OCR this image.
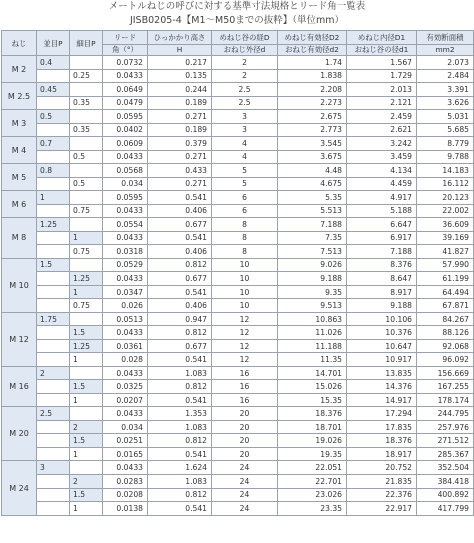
メートルねじの呼びに対する基準寸法規格とリード角一覧表
JISB0205-4【M1～M50までの抜粋】（単位mm）
ねじ	並目P	細目P	リード	ひっかかり高さ	めねじ谷の経D	めねじ有効径D2	めねじ内径D1	有効断面積
			角（°）	H	おねじ外径d	おねじ有効径d2	おねじ谷の径d1	mm2
M 2	0.4		0.0732	0.217	2	1.74	1.567	2.073
		0.25	0.0433	0.135	2	1.838	1.729	2.484
M 2.5	0.45		0.0649	0.244	2.5	2.208	2.013	3.391
		0.35	0.0479	0.189	2.5	2.273	2.121	3.626
M 3	0.5		0.0595	0.271	3	2.675	2.459	5.031
		0.35	0.0402	0.189	3	2.773	2.621	5.685
M 4	0.7		0.0609	0.379	4	3.545	3.242	8.779
		0.5	0.0433	0.271	4	3.675	3.459	9.788
M 5	0.8		0.0568	0.433	5	4.48	4.134	14.183
		0.5	0.034	0.271	5	4.675	4.459	16.112
M 6	1		0.0595	0.541	6	5.35	4.917	20.123
		0.75	0.0433	0.406	6	5.513	5.188	22.002
M 8	1.25		0.0554	0.677	8	7.188	6.647	36.609
		1	0.0433	0.541	8	7.35	6.917	39.169
		0.75	0.0318	0.406	8	7.513	7.188	41.827
M 10	1.5		0.0529	0.812	10	9.026	8.376	57.990
		1.25	0.0433	0.677	10	9.188	8.647	61.199
		1	0.0347	0.541	10	9.35	8.917	64.494
		0.75	0.026	0.406	10	9.513	9.188	67.871
M 12	1.75		0.0513	0.947	12	10.863	10.106	84.267
		1.5	0.0433	0.812	12	11.026	10.376	88.126
		1.25	0.0361	0.677	12	11.188	10.647	92.068
		1	0.028	0.541	12	11.35	10.917	96.092
M 16	2		0.0433	1.083	16	14.701	13.835	156.669
		1.5	0.0325	0.812	16	15.026	14.376	167.255
		1	0.0207	0.541	16	15.35	14.917	178.174
M 20	2.5		0.0433	1.353	20	18.376	17.294	244.795
		2	0.034	1.083	20	18.701	17.835	257.976
		1.5	0.0251	0.812	20	19.026	18.376	271.512
		1	0.0165	0.541	20	19.35	18.917	285.367
M 24	3		0.0433	1.624	24	22.051	20.752	352.504
		2	0.0283	1.083	24	22.701	21.835	384.418
		1.5	0.0208	0.812	24	23.026	22.376	400.892
		1	0.0138	0.541	24	23.35	22.917	417.799
